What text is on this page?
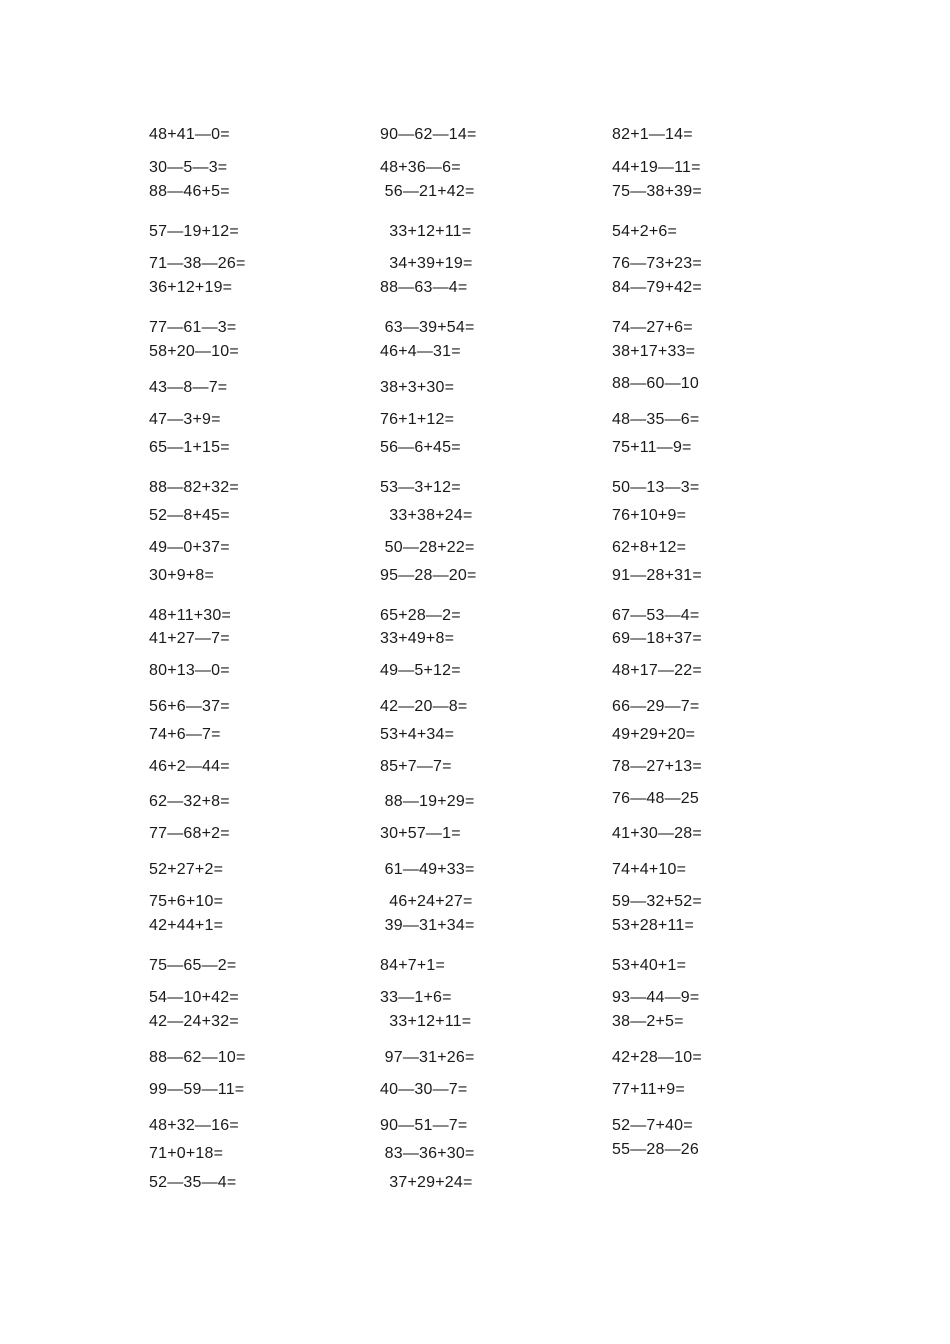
48+41—0=
30—5—3=
88—46+5=
57—19+12=
71—38—26=
36+12+19=
77—61—3=
58+20—10=
43—8—7=
47—3+9=
65—1+15=
88—82+32=
52—8+45=
49—0+37=
30+9+8=
48+11+30=
41+27—7=
80+13—0=
56+6—37=
74+6—7=
46+2—44=
62—32+8=
77—68+2=
52+27+2=
75+6+10=
42+44+1=
75—65—2=
54—10+42=
42—24+32=
88—62—10=
99—59—11=
48+32—16=
71+0+18=
52—35—4=
90—62—14=
48+36—6=
56—21+42=
33+12+11=
34+39+19=
88—63—4=
63—39+54=
46+4—31=
38+3+30=
76+1+12=
56—6+45=
53—3+12=
33+38+24=
50—28+22=
95—28—20=
65+28—2=
33+49+8=
49—5+12=
42—20—8=
53+4+34=
85+7—7=
88—19+29=
30+57—1=
61—49+33=
46+24+27=
39—31+34=
84+7+1=
33—1+6=
33+12+11=
97—31+26=
40—30—7=
90—51—7=
83—36+30=
37+29+24=
82+1—14=
44+19—11=
75—38+39=
54+2+6=
76—73+23=
84—79+42=
74—27+6=
38+17+33=
88—60—10
48—35—6=
75+11—9=
50—13—3=
76+10+9=
62+8+12=
91—28+31=
67—53—4=
69—18+37=
48+17—22=
66—29—7=
49+29+20=
78—27+13=
76—48—25
41+30—28=
74+4+10=
59—32+52=
53+28+11=
53+40+1=
93—44—9=
38—2+5=
42+28—10=
77+11+9=
52—7+40=
55—28—26
